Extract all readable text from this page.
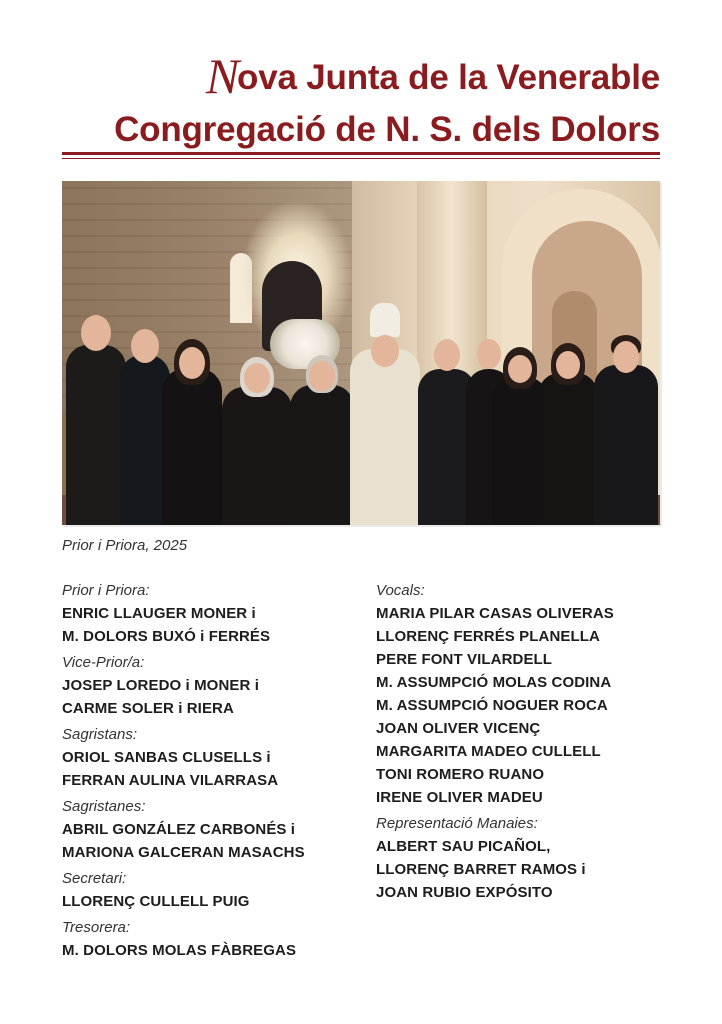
Nova Junta de la Venerable
Congregació de N. S. dels Dolors
Prior i Priora, 2025
Prior i Priora:
ENRIC LLAUGER MONER i
M. DOLORS BUXÓ i FERRÉS
Vice-Prior/a:
JOSEP LOREDO i MONER i
CARME SOLER i RIERA
Sagristans:
ORIOL SANBAS CLUSELLS i
FERRAN AULINA VILARRASA
Sagristanes:
ABRIL GONZÁLEZ CARBONÉS i
MARIONA GALCERAN MASACHS
Secretari:
LLORENÇ CULLELL PUIG
Tresorera:
M. DOLORS MOLAS FÀBREGAS
Vocals:
MARIA PILAR CASAS OLIVERAS
LLORENÇ FERRÉS PLANELLA
PERE FONT VILARDELL
M. ASSUMPCIÓ MOLAS CODINA
M. ASSUMPCIÓ NOGUER ROCA
JOAN OLIVER VICENÇ
MARGARITA MADEO CULLELL
TONI ROMERO RUANO
IRENE OLIVER MADEU
Representació Manaies:
ALBERT SAU PICAÑOL,
LLORENÇ BARRET RAMOS i
JOAN RUBIO EXPÓSITO
